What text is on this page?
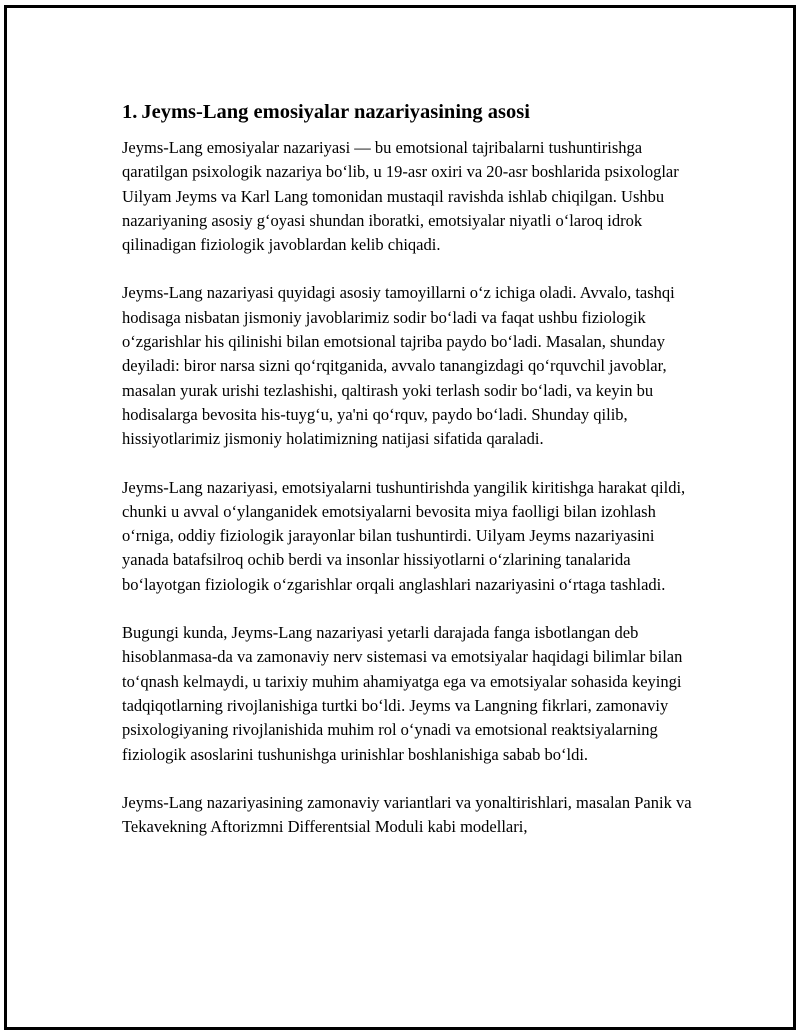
1. Jeyms-Lang emosiyalar nazariyasining asosi

Jeyms-Lang emosiyalar nazariyasi — bu emotsional tajribalarni tushuntirishga qaratilgan psixologik nazariya boʻlib, u 19-asr oxiri va 20-asr boshlarida psixologlar Uilyam Jeyms va Karl Lang tomonidan mustaqil ravishda ishlab chiqilgan. Ushbu nazariyaning asosiy gʻoyasi shundan iboratki, emotsiyalar niyatli oʻlaroq idrok qilinadigan fiziologik javoblardan kelib chiqadi.

Jeyms-Lang nazariyasi quyidagi asosiy tamoyillarni oʻz ichiga oladi. Avvalo, tashqi hodisaga nisbatan jismoniy javoblarimiz sodir boʻladi va faqat ushbu fiziologik oʻzgarishlar his qilinishi bilan emotsional tajriba paydo boʻladi. Masalan, shunday deyiladi: biror narsa sizni qoʻrqitganida, avvalo tanangizdagi qoʻrquvchil javoblar, masalan yurak urishi tezlashishi, qaltirash yoki terlash sodir boʻladi, va keyin bu hodisalarga bevosita his-tuygʻu, ya'ni qoʻrquv, paydo boʻladi. Shunday qilib, hissiyotlarimiz jismoniy holatimizning natijasi sifatida qaraladi.

Jeyms-Lang nazariyasi, emotsiyalarni tushuntirishda yangilik kiritishga harakat qildi, chunki u avval oʻylanganidek emotsiyalarni bevosita miya faolligi bilan izohlash oʻrniga, oddiy fiziologik jarayonlar bilan tushuntirdi. Uilyam Jeyms nazariyasini yanada batafsilroq ochib berdi va insonlar hissiyotlarni oʻzlarining tanalarida boʻlayotgan fiziologik oʻzgarishlar orqali anglashlari nazariyasini oʻrtaga tashladi.

Bugungi kunda, Jeyms-Lang nazariyasi yetarli darajada fanga isbotlangan deb hisoblanmasa-da va zamonaviy nerv sistemasi va emotsiyalar haqidagi bilimlar bilan toʻqnash kelmaydi, u tarixiy muhim ahamiyatga ega va emotsiyalar sohasida keyingi tadqiqotlarning rivojlanishiga turtki boʻldi. Jeyms va Langning fikrlari, zamonaviy psixologiyaning rivojlanishida muhim rol oʻynadi va emotsional reaktsiyalarning fiziologik asoslarini tushunishga urinishlar boshlanishiga sabab boʻldi.

Jeyms-Lang nazariyasining zamonaviy variantlari va yonaltirishlari, masalan Panik va Tekavekning Aftorizmni Differentsial Moduli kabi modellari,
